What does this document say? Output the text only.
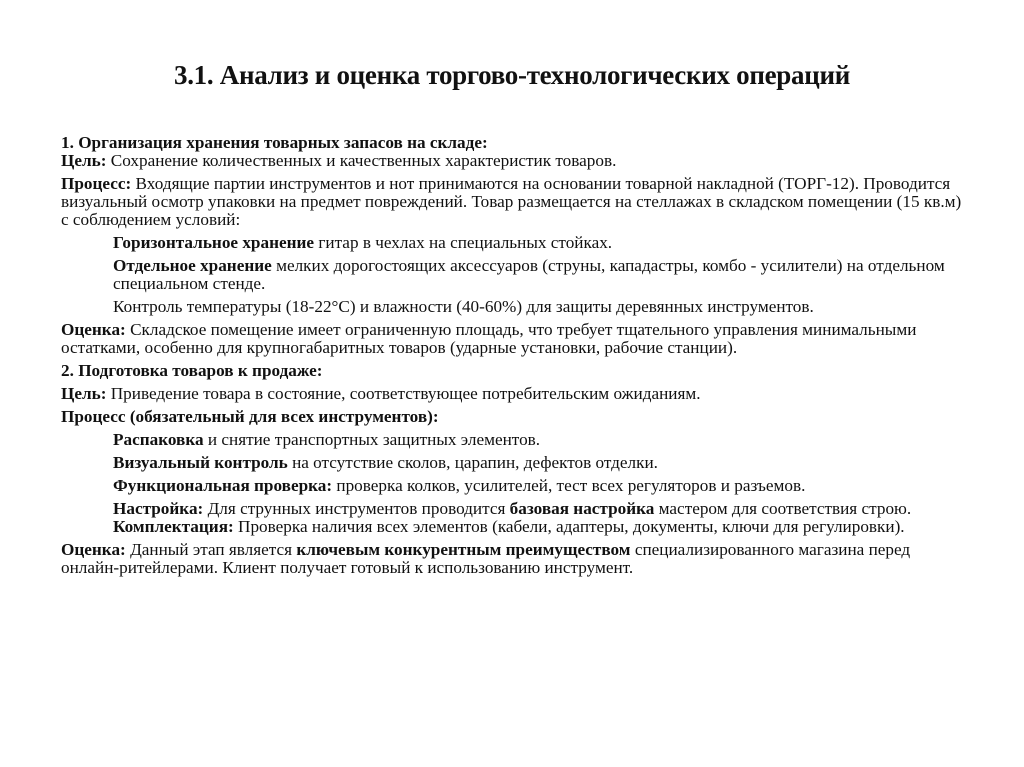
3.1. Анализ и оценка торгово-технологических операций
1. Организация хранения товарных запасов на складе:
Цель: Сохранение количественных и качественных характеристик товаров.
Процесс: Входящие партии инструментов и нот принимаются на основании товарной накладной (ТОРГ-12). Проводится визуальный осмотр упаковки на предмет повреждений. Товар размещается на стеллажах в складском помещении (15 кв.м) с соблюдением условий:
Горизонтальное хранение гитар в чехлах на специальных стойках.
Отдельное хранение мелких дорогостоящих аксессуаров (струны, кападастры, комбо - усилители) на отдельном специальном стенде.
Контроль температуры (18-22°C) и влажности (40-60%) для защиты деревянных инструментов.
Оценка: Складское помещение имеет ограниченную площадь, что требует тщательного управления минимальными остатками, особенно для крупногабаритных товаров (ударные установки, рабочие станции).
2. Подготовка товаров к продаже:
Цель: Приведение товара в состояние, соответствующее потребительским ожиданиям.
Процесс (обязательный для всех инструментов):
Распаковка и снятие транспортных защитных элементов.
Визуальный контроль на отсутствие сколов, царапин, дефектов отделки.
Функциональная проверка: проверка колков, усилителей, тест всех регуляторов и разъемов.
Настройка: Для струнных инструментов проводится базовая настройка мастером для соответствия строю.
Комплектация: Проверка наличия всех элементов (кабели, адаптеры, документы, ключи для регулировки).
Оценка: Данный этап является ключевым конкурентным преимуществом специализированного магазина перед онлайн-ритейлерами. Клиент получает готовый к использованию инструмент.
